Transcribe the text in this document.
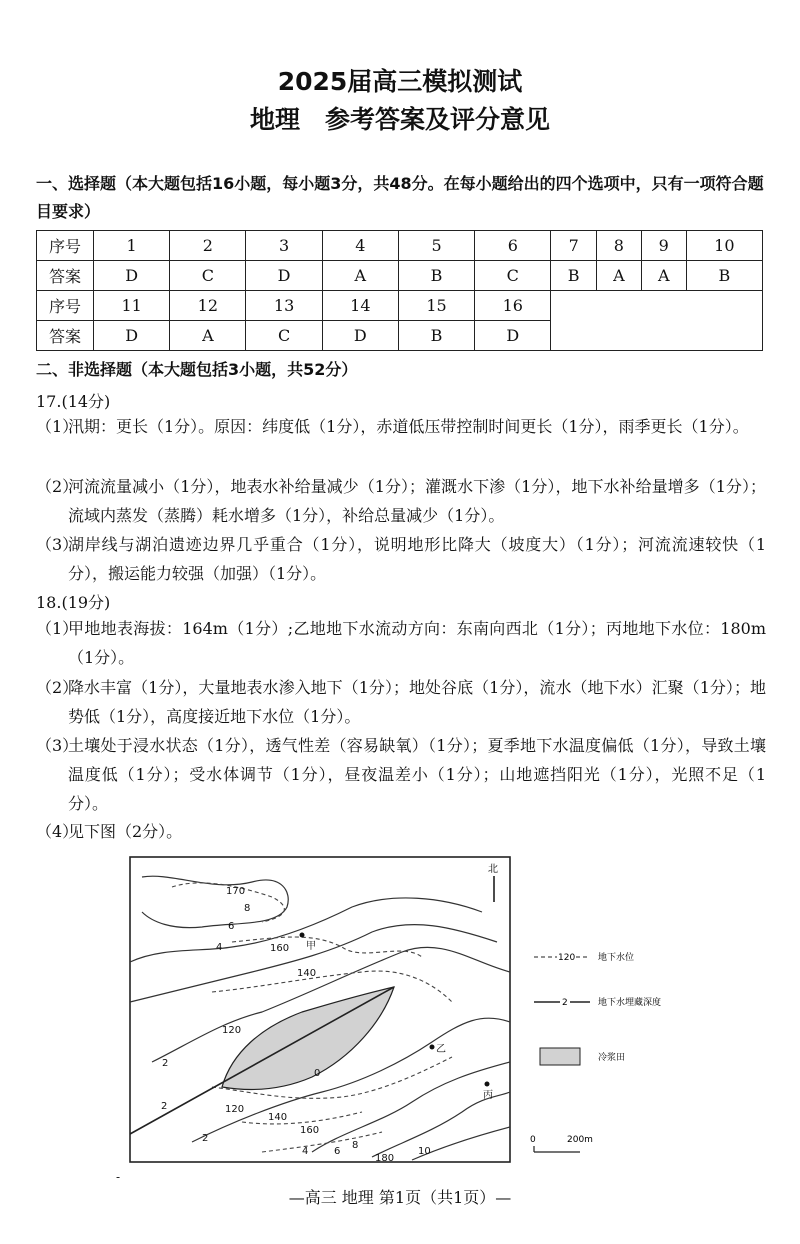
2025届高三模拟测试
地理　参考答案及评分意见
一、选择题（本大题包括16小题，每小题3分，共48分。在每小题给出的四个选项中，只有一项符合题目要求）
序号	1	2	3	4	5	6	7	8	9	10
答案	D	C	D	A	B	C	B	A	A	B
序号	11	12	13	14	15	16				
答案	D	A	C	D	B	D				
二、非选择题（本大题包括3小题，共52分）
17.(14分)
（1）
汛期：更长（1分）。原因：纬度低（1分），赤道低压带控制时间更长（1分），雨季更长（1分）。
（2）
河流流量减小（1分），地表水补给量减少（1分）；灌溉水下渗（1分），地下水补给量增多（1分）；流域内蒸发（蒸腾）耗水增多（1分），补给总量减少（1分）。
（3）
湖岸线与湖泊遗迹边界几乎重合（1分），说明地形比降大（坡度大）（1分）；河流流速较快（1分），搬运能力较强（加强）（1分）。
18.(19分)
（1）
甲地地表海拔：164m（1分）;乙地地下水流动方向：东南向西北（1分）；丙地地下水位：180m（1分）。
（2）
降水丰富（1分），大量地表水渗入地下（1分）；地处谷底（1分），流水（地下水）汇聚（1分）；地势低（1分），高度接近地下水位（1分）。
（3）
土壤处于浸水状态（1分），透气性差（容易缺氧）（1分）；夏季地下水温度偏低（1分），导致土壤温度低（1分）；受水体调节（1分），昼夜温差小（1分）；山地遮挡阳光（1分），光照不足（1分）。
（4）
见下图（2分）。
甲
乙
丙
170
160
140
120
120
140
160
180
8
6
4
2
0
2
4	6
8
10
2
北
120	地下水位
2	地下水埋藏深度
冷浆田
0	200m
-
—高三 地理 第1页（共1页）—
